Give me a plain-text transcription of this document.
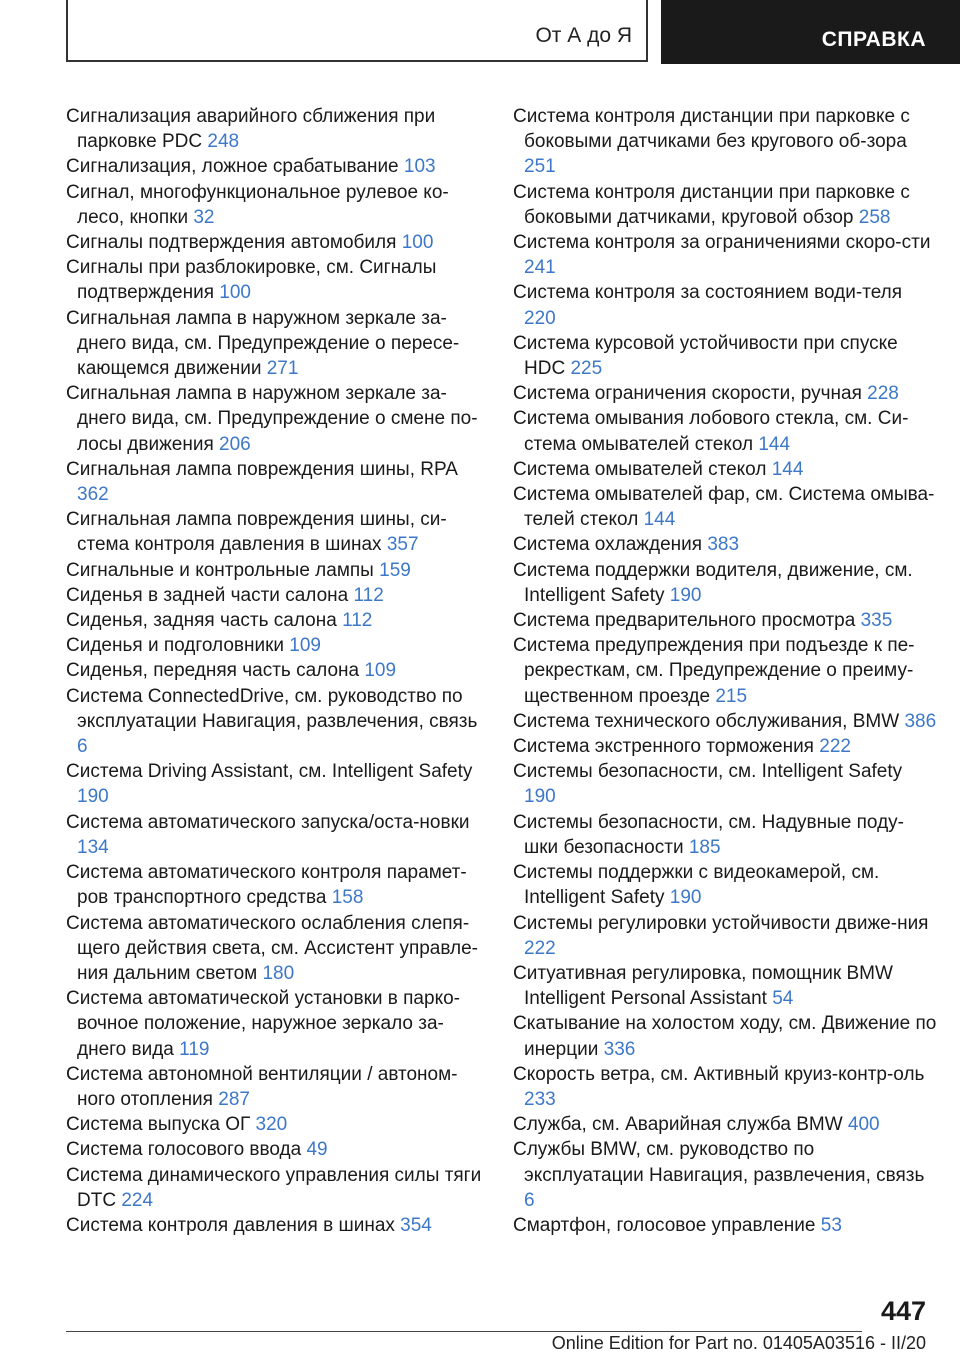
От А до Я	СПРАВКА
Сигнализация аварийного сближения при парковке PDC 248
Сигнализация, ложное срабатывание 103
Сигнал, многофункциональное рулевое ко-лесо, кнопки 32
Сигналы подтверждения автомобиля 100
Сигналы при разблокировке, см. Сигналы подтверждения 100
Сигнальная лампа в наружном зеркале за-днего вида, см. Предупреждение о пересе-кающемся движении 271
Сигнальная лампа в наружном зеркале за-днего вида, см. Предупреждение о смене по-лосы движения 206
Сигнальная лампа повреждения шины, RPA 362
Сигнальная лампа повреждения шины, си-стема контроля давления в шинах 357
Сигнальные и контрольные лампы 159
Сиденья в задней части салона 112
Сиденья, задняя часть салона 112
Сиденья и подголовники 109
Сиденья, передняя часть салона 109
Система ConnectedDrive, см. руководство по эксплуатации Навигация, развлечения, связь 6
Система Driving Assistant, см. Intelligent Safety 190
Система автоматического запуска/оста-новки 134
Система автоматического контроля парамет-ров транспортного средства 158
Система автоматического ослабления слепя-щего действия света, см. Ассистент управле-ния дальним светом 180
Система автоматической установки в парко-вочное положение, наружное зеркало за-днего вида 119
Система автономной вентиляции / автоном-ного отопления 287
Система выпуска ОГ 320
Система голосового ввода 49
Система динамического управления силы тяги DTC 224
Система контроля давления в шинах 354
Система контроля дистанции при парковке с боковыми датчиками без кругового об-зора 251
Система контроля дистанции при парковке с боковыми датчиками, круговой обзор 258
Система контроля за ограничениями скоро-сти 241
Система контроля за состоянием води-теля 220
Система курсовой устойчивости при спуске HDC 225
Система ограничения скорости, ручная 228
Система омывания лобового стекла, см. Си-стема омывателей стекол 144
Система омывателей стекол 144
Система омывателей фар, см. Система омыва-телей стекол 144
Система охлаждения 383
Система поддержки водителя, движение, см. Intelligent Safety 190
Система предварительного просмотра 335
Система предупреждения при подъезде к пе-рекресткам, см. Предупреждение о преиму-щественном проезде 215
Система технического обслуживания, BMW 386
Система экстренного торможения 222
Системы безопасности, см. Intelligent Safety 190
Системы безопасности, см. Надувные поду-шки безопасности 185
Системы поддержки с видеокамерой, см. Intelligent Safety 190
Системы регулировки устойчивости движе-ния 222
Ситуативная регулировка, помощник BMW Intelligent Personal Assistant 54
Скатывание на холостом ходу, см. Движение по инерции 336
Скорость ветра, см. Активный круиз-контр-оль 233
Служба, см. Аварийная служба BMW 400
Службы BMW, см. руководство по эксплуатации Навигация, развлечения, связь 6
Смартфон, голосовое управление 53
447
Online Edition for Part no. 01405A03516 - II/20
